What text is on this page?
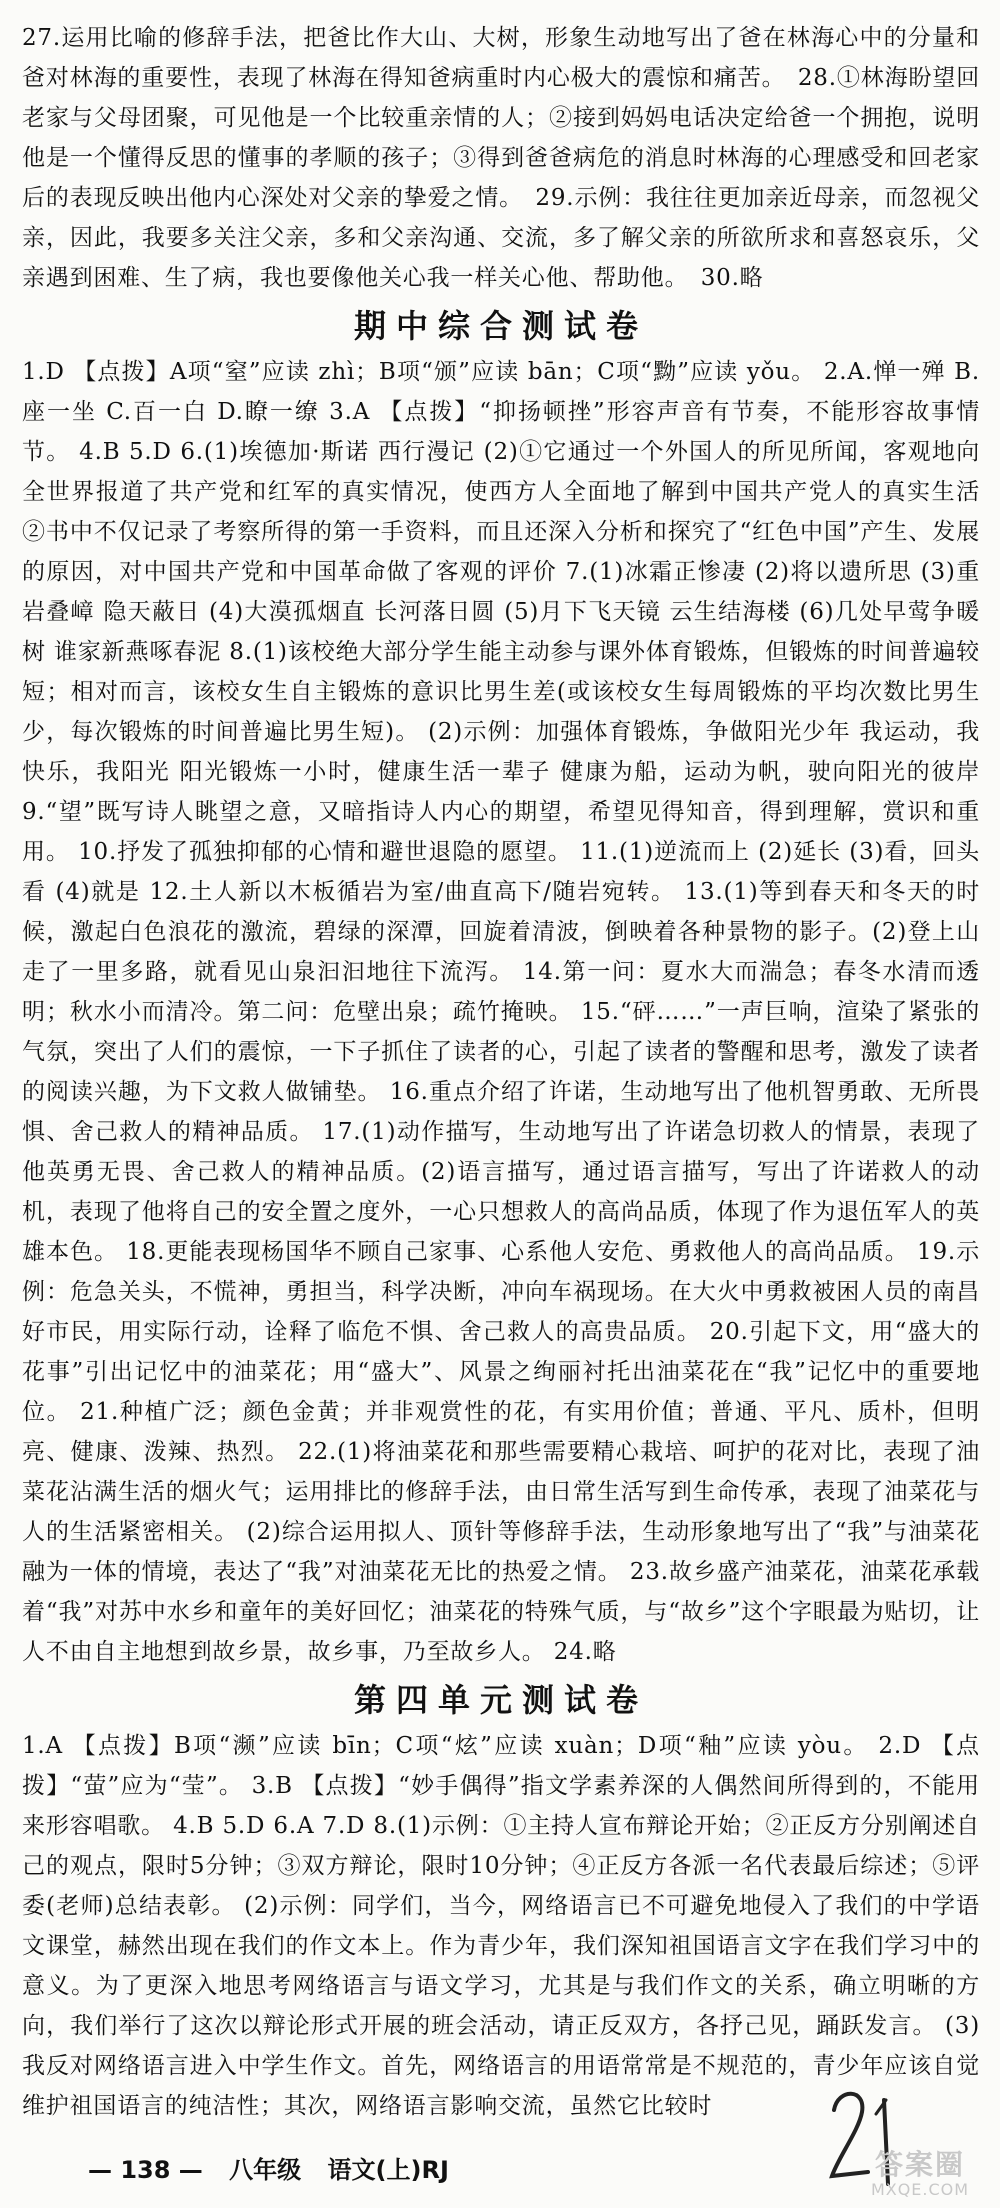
27.运用比喻的修辞手法，把爸比作大山、大树，形象生动地写出了爸在林海心中的分量和爸对林海的重要性，表现了林海在得知爸病重时内心极大的震惊和痛苦。　28.①林海盼望回老家与父母团聚，可见他是一个比较重亲情的人；②接到妈妈电话决定给爸一个拥抱，说明他是一个懂得反思的懂事的孝顺的孩子；③得到爸爸病危的消息时林海的心理感受和回老家后的表现反映出他内心深处对父亲的挚爱之情。　29.示例：我往往更加亲近母亲，而忽视父亲，因此，我要多关注父亲，多和父亲沟通、交流，多了解父亲的所欲所求和喜怒哀乐，父亲遇到困难、生了病，我也要像他关心我一样关心他、帮助他。　30.略

期中综合测试卷

1.D 【点拨】A项“窒”应读 zhì；B项“颁”应读 bān；C项“黝”应读 yǒu。 2.A.惮一殚 B.座一坐 C.百一白 D.瞭一缭 3.A 【点拨】“抑扬顿挫”形容声音有节奏，不能形容故事情节。 4.B 5.D 6.(1)埃德加·斯诺 西行漫记 (2)①它通过一个外国人的所见所闻，客观地向全世界报道了共产党和红军的真实情况，使西方人全面地了解到中国共产党人的真实生活 ②书中不仅记录了考察所得的第一手资料，而且还深入分析和探究了“红色中国”产生、发展的原因，对中国共产党和中国革命做了客观的评价 7.(1)冰霜正惨凄 (2)将以遗所思 (3)重岩叠嶂 隐天蔽日 (4)大漠孤烟直 长河落日圆 (5)月下飞天镜 云生结海楼 (6)几处早莺争暖树 谁家新燕啄春泥 8.(1)该校绝大部分学生能主动参与课外体育锻炼，但锻炼的时间普遍较短；相对而言，该校女生自主锻炼的意识比男生差(或该校女生每周锻炼的平均次数比男生少，每次锻炼的时间普遍比男生短)。 (2)示例：加强体育锻炼，争做阳光少年 我运动，我快乐，我阳光 阳光锻炼一小时，健康生活一辈子 健康为船，运动为帆，驶向阳光的彼岸 9.“望”既写诗人眺望之意，又暗指诗人内心的期望，希望见得知音，得到理解，赏识和重用。 10.抒发了孤独抑郁的心情和避世退隐的愿望。 11.(1)逆流而上 (2)延长 (3)看，回头看 (4)就是 12.土人新以木板循岩为室/曲直高下/随岩宛转。 13.(1)等到春天和冬天的时候，激起白色浪花的激流，碧绿的深潭，回旋着清波，倒映着各种景物的影子。(2)登上山走了一里多路，就看见山泉汩汩地往下流泻。 14.第一问：夏水大而湍急；春冬水清而透明；秋水小而清冷。第二问：危壁出泉；疏竹掩映。 15.“砰……”一声巨响，渲染了紧张的气氛，突出了人们的震惊，一下子抓住了读者的心，引起了读者的警醒和思考，激发了读者的阅读兴趣，为下文救人做铺垫。 16.重点介绍了许诺，生动地写出了他机智勇敢、无所畏惧、舍己救人的精神品质。 17.(1)动作描写，生动地写出了许诺急切救人的情景，表现了他英勇无畏、舍己救人的精神品质。(2)语言描写，通过语言描写，写出了许诺救人的动机，表现了他将自己的安全置之度外，一心只想救人的高尚品质，体现了作为退伍军人的英雄本色。 18.更能表现杨国华不顾自己家事、心系他人安危、勇救他人的高尚品质。 19.示例：危急关头，不慌神，勇担当，科学决断，冲向车祸现场。在大火中勇救被困人员的南昌好市民，用实际行动，诠释了临危不惧、舍己救人的高贵品质。 20.引起下文，用“盛大的花事”引出记忆中的油菜花；用“盛大”、风景之绚丽衬托出油菜花在“我”记忆中的重要地位。 21.种植广泛；颜色金黄；并非观赏性的花，有实用价值；普通、平凡、质朴，但明亮、健康、泼辣、热烈。 22.(1)将油菜花和那些需要精心栽培、呵护的花对比，表现了油菜花沾满生活的烟火气；运用排比的修辞手法，由日常生活写到生命传承，表现了油菜花与人的生活紧密相关。 (2)综合运用拟人、顶针等修辞手法，生动形象地写出了“我”与油菜花融为一体的情境，表达了“我”对油菜花无比的热爱之情。 23.故乡盛产油菜花，油菜花承载着“我”对苏中水乡和童年的美好回忆；油菜花的特殊气质，与“故乡”这个字眼最为贴切，让人不由自主地想到故乡景，故乡事，乃至故乡人。 24.略

第四单元测试卷

1.A 【点拨】B项“濒”应读 bīn；C项“炫”应读 xuàn；D项“釉”应读 yòu。 2.D 【点拨】“萤”应为“莹”。 3.B 【点拨】“妙手偶得”指文学素养深的人偶然间所得到的，不能用来形容唱歌。 4.B 5.D 6.A 7.D 8.(1)示例：①主持人宣布辩论开始；②正反方分别阐述自己的观点，限时5分钟；③双方辩论，限时10分钟；④正反方各派一名代表最后综述；⑤评委(老师)总结表彰。 (2)示例：同学们，当今，网络语言已不可避免地侵入了我们的中学语文课堂，赫然出现在我们的作文本上。作为青少年，我们深知祖国语言文字在我们学习中的意义。为了更深入地思考网络语言与语文学习，尤其是与我们作文的关系，确立明晰的方向，我们举行了这次以辩论形式开展的班会活动，请正反双方，各抒己见，踊跃发言。 (3)我反对网络语言进入中学生作文。首先，网络语言的用语常常是不规范的，青少年应该自觉维护祖国语言的纯洁性；其次，网络语言影响交流，虽然它比较时

— 138 — 八年级 语文(上)RJ	答案圈
MXQE.COM
